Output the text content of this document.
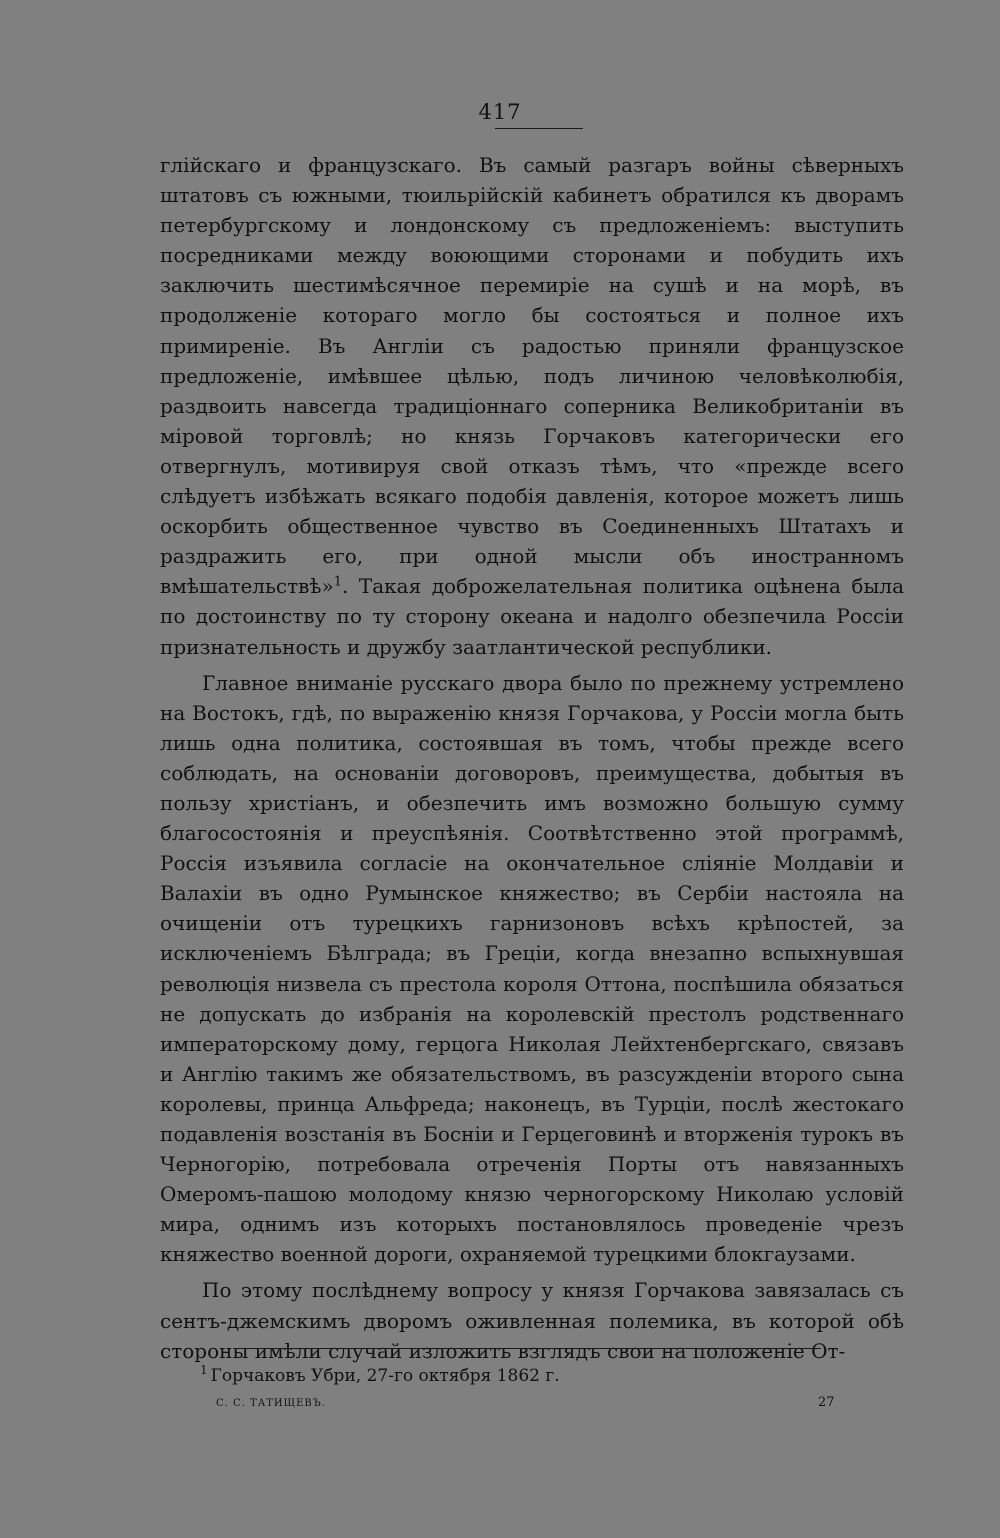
417

глійскаго и французскаго. Въ самый разгаръ войны сѣверныхъ штатовъ съ южными, тюильрійскій кабинетъ обратился къ дворамъ петербургскому и лондонскому съ предложеніемъ: выступить посредниками между воюющими сторонами и побудить ихъ заключить шестимѣсячное перемиріе на сушѣ и на морѣ, въ продолженіе котораго могло бы состояться и полное ихъ примиреніе. Въ Англіи съ радостью приняли французское предложеніе, имѣвшее цѣлью, подъ личиною человѣколюбія, раздвоить навсегда традиціоннаго соперника Великобританіи въ міровой торговлѣ; но князь Горчаковъ категорически его отвергнулъ, мотивируя свой отказъ тѣмъ, что «прежде всего слѣдуетъ избѣжать всякаго подобія давленія, которое можетъ лишь оскорбить общественное чувство въ Соединенныхъ Штатахъ и раздражить его, при одной мысли объ иностранномъ вмѣшательствѣ»$^1$. Такая доброжелательная политика оцѣнена была по достоинству по ту сторону океана и надолго обезпечила Россіи признательность и дружбу заатлантической республики.

Главное вниманіе русскаго двора было по прежнему устремлено на Востокъ, гдѣ, по выраженію князя Горчакова, у Россіи могла быть лишь одна политика, состоявшая въ томъ, чтобы прежде всего соблюдать, на основаніи договоровъ, преимущества, добытыя въ пользу христіанъ, и обезпечить имъ возможно большую сумму благосостоянія и преуспѣянія. Соотвѣтственно этой программѣ, Россія изъявила согласіе на окончательное сліяніе Молдавіи и Валахіи въ одно Румынское княжество; въ Сербіи настояла на очищеніи отъ турецкихъ гарнизоновъ всѣхъ крѣпостей, за исключеніемъ Бѣлграда; въ Греціи, когда внезапно вспыхнувшая революція низвела съ престола короля Оттона, поспѣшила обязаться не допускать до избранія на королевскій престолъ родственнаго императорскому дому, герцога Николая Лейхтенбергскаго, связавъ и Англію такимъ же обязательствомъ, въ разсужденіи второго сына королевы, принца Альфреда; наконецъ, въ Турціи, послѣ жестокаго подавленія возстанія въ Босніи и Герцеговинѣ и вторженія турокъ въ Черногорію, потребовала отреченія Порты отъ навязанныхъ Омеромъ-пашою молодому князю черногорскому Николаю условій мира, однимъ изъ которыхъ постановлялось проведеніе чрезъ княжество военной дороги, охраняемой турецкими блокгаузами.

По этому послѣднему вопросу у князя Горчакова завязалась съ сентъ-джемскимъ дворомъ оживленная полемика, въ которой обѣ стороны имѣли случай изложить взглядъ свои на положеніе От-

$^1$ Горчаковъ Убри, 27-го октября 1862 г.
С. С. ТАТИЩЕВЪ.	27
